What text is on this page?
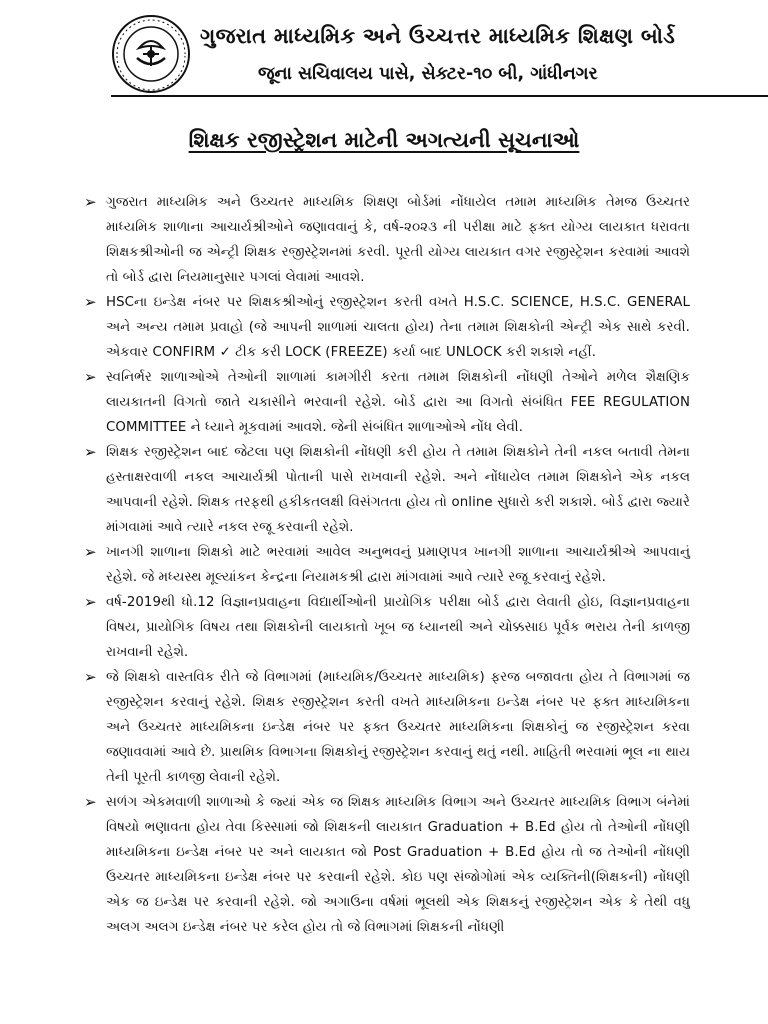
ગુજરાત માધ્યમિક અને ઉચ્ચત્તર માધ્યમિક શિક્ષણ બોર્ડ
જૂના સચિવાલય પાસે, સેક્ટર-૧૦ બી, ગાંધીનગર
શિક્ષક રજીસ્ટ્રેશન માટેની અગત્યની સૂચનાઓ
➢ ગુજરાત માધ્યમિક અને ઉચ્ચતર માધ્યમિક શિક્ષણ બોર્ડમાં નોંધાયેલ તમામ માધ્યમિક તેમજ ઉચ્ચતર માધ્યમિક શાળાના આચાર્યશ્રીઓને જણાવવાનું કે, વર્ષ-૨૦૨૩ ની પરીક્ષા માટે ફક્ત યોગ્ય લાયકાત ધરાવતા શિક્ષકશ્રીઓની જ એન્ટ્રી શિક્ષક રજીસ્ટ્રેશનમાં કરવી. પૂરતી યોગ્ય લાયકાત વગર રજીસ્ટ્રેશન કરવામાં આવશે તો બોર્ડ દ્વારા નિયમાનુસાર પગલાં લેવામાં આવશે.
➢ HSCના ઇન્ડેક્ષ નંબર પર શિક્ષકશ્રીઓનું રજીસ્ટ્રેશન કરતી વખતે H.S.C. SCIENCE, H.S.C. GENERAL અને અન્ય તમામ પ્રવાહો (જે આપની શાળામાં ચાલતા હોય) તેના તમામ શિક્ષકોની એન્ટ્રી એક સાથે કરવી. એકવાર CONFIRM ✓ ટીક કરી LOCK (FREEZE) કર્યા બાદ UNLOCK કરી શકાશે નહીં.
➢ સ્વનિર્ભર શાળાઓએ તેઓની શાળામાં કામગીરી કરતા તમામ શિક્ષકોની નોંધણી તેઓને મળેલ શૈક્ષણિક લાયકાતની વિગતો જાતે ચકાસીને ભરવાની રહેશે. બોર્ડ દ્વારા આ વિગતો સંબંધિત FEE REGULATION COMMITTEE ને ધ્યાને મૂકવામાં આવશે. જેની સંબંધિત શાળાઓએ નોંધ લેવી.
➢ શિક્ષક રજીસ્ટ્રેશન બાદ જેટલા પણ શિક્ષકોની નોંધણી કરી હોય તે તમામ શિક્ષકોને તેની નકલ બતાવી તેમના હસ્તાક્ષરવાળી નકલ આચાર્યશ્રી પોતાની પાસે રાખવાની રહેશે. અને નોંધાયેલ તમામ શિક્ષકોને એક નકલ આપવાની રહેશે. શિક્ષક તરફથી હકીકતલક્ષી વિસંગતતા હોય તો online સુધારો કરી શકાશે. બોર્ડ દ્વારા જ્યારે માંગવામાં આવે ત્યારે નકલ રજૂ કરવાની રહેશે.
➢ ખાનગી શાળાના શિક્ષકો માટે ભરવામાં આવેલ અનુભવનું પ્રમાણપત્ર ખાનગી શાળાના આચાર્યશ્રીએ આપવાનું રહેશે. જે મધ્યસ્થ મૂલ્યાંકન કેન્દ્રના નિયામકશ્રી દ્વારા માંગવામાં આવે ત્યારે રજૂ કરવાનું રહેશે.
➢ વર્ષ-2019થી ધો.12 વિજ્ઞાનપ્રવાહના વિદ્યાર્થીઓની પ્રાયોગિક પરીક્ષા બોર્ડ દ્વારા લેવાતી હોઇ, વિજ્ઞાનપ્રવાહના વિષય, પ્રાયોગિક વિષય તથા શિક્ષકોની લાયકાતો ખૂબ જ ધ્યાનથી અને ચોક્કસાઇ પૂર્વક ભરાય તેની કાળજી રાખવાની રહેશે.
➢ જે શિક્ષકો વાસ્તવિક રીતે જે વિભાગમાં (માધ્યમિક/ઉચ્ચતર માધ્યમિક) ફરજ બજાવતા હોય તે વિભાગમાં જ રજીસ્ટ્રેશન કરવાનું રહેશે. શિક્ષક રજીસ્ટ્રેશન કરતી વખતે માધ્યમિકના ઇન્ડેક્ષ નંબર પર ફક્ત માધ્યમિકના અને ઉચ્ચતર માધ્યમિકના ઇન્ડેક્ષ નંબર પર ફક્ત ઉચ્ચતર માધ્યમિકના શિક્ષકોનું જ રજીસ્ટ્રેશન કરવા જણાવવામાં આવે છે. પ્રાથમિક વિભાગના શિક્ષકોનું રજીસ્ટ્રેશન કરવાનું થતું નથી. માહિતી ભરવામાં ભૂલ ના થાય તેની પૂરતી કાળજી લેવાની રહેશે.
➢ સળંગ એકમવાળી શાળાઓ કે જ્યાં એક જ શિક્ષક માધ્યમિક વિભાગ અને ઉચ્ચતર માધ્યમિક વિભાગ બંનેમાં વિષયો ભણાવતા હોય તેવા કિસ્સામાં જો શિક્ષકની લાયકાત Graduation + B.Ed હોય તો તેઓની નોંધણી માધ્યમિકના ઇન્ડેક્ષ નંબર પર અને લાયકાત જો Post Graduation + B.Ed હોય તો જ તેઓની નોંધણી ઉચ્ચતર માધ્યમિકના ઇન્ડેક્ષ નંબર પર કરવાની રહેશે. કોઇ પણ સંજોગોમાં એક વ્યક્તિની(શિક્ષકની) નોંધણી એક જ ઇન્ડેક્ષ પર કરવાની રહેશે. જો અગાઉના વર્ષમાં ભૂલથી એક શિક્ષકનું રજીસ્ટ્રેશન એક કે તેથી વધુ અલગ અલગ ઇન્ડેક્ષ નંબર પર કરેલ હોય તો જે વિભાગમાં શિક્ષકની નોંધણી
